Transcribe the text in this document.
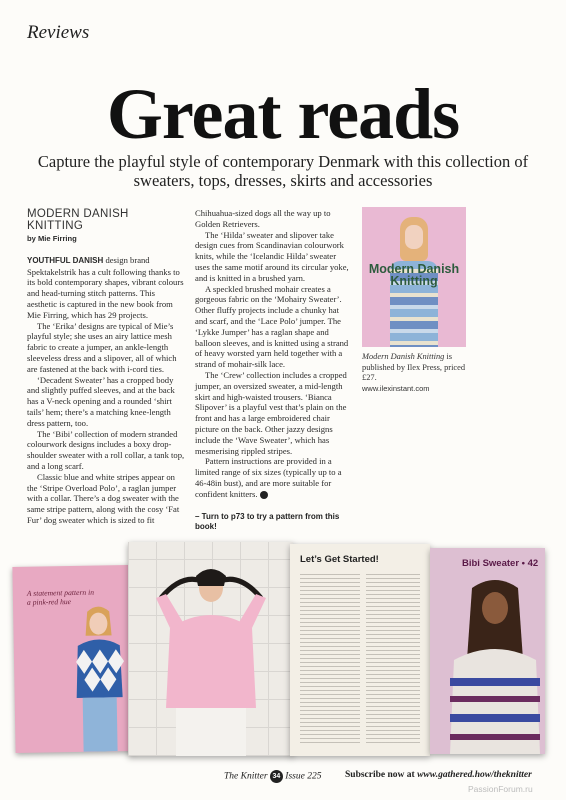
Reviews
Great reads
Capture the playful style of contemporary Denmark with this collection of sweaters, tops, dresses, skirts and accessories
MODERN DANISH
KNITTING
by Mie Firring

YOUTHFUL DANISH design brand Spektakelstrik has a cult following thanks to its bold contemporary shapes, vibrant colours and head-turning stitch patterns. This aesthetic is captured in the new book from Mie Firring, which has 29 projects.

The ‘Erika’ designs are typical of Mie’s playful style; she uses an airy lattice mesh fabric to create a jumper, an ankle-length sleeveless dress and a slipover, all of which are fastened at the back with i-cord ties.

‘Decadent Sweater’ has a cropped body and slightly puffed sleeves, and at the back has a V-neck opening and a rounded ‘shirt tails’ hem; there’s a matching knee-length dress pattern, too.

The ‘Bibi’ collection of modern stranded colourwork designs includes a boxy drop-shoulder sweater with a roll collar, a tank top, and a long scarf.

Classic blue and white stripes appear on the ‘Stripe Overload Polo’, a raglan jumper with a collar. There’s a dog sweater with the same stripe pattern, along with the cosy ‘Fat Fur’ dog sweater which is sized to fit

Chihuahua-sized dogs all the way up to Golden Retrievers.

The ‘Hilda’ sweater and slipover take design cues from Scandinavian colourwork knits, while the ‘Icelandic Hilda’ sweater uses the same motif around its circular yoke, and is knitted in a brushed yarn.

A speckled brushed mohair creates a gorgeous fabric on the ‘Mohairy Sweater’. Other fluffy projects include a chunky hat and scarf, and the ‘Lace Polo’ jumper. The ‘Lykke Jumper’ has a raglan shape and balloon sleeves, and is knitted using a strand of heavy worsted yarn held together with a strand of mohair-silk lace.

The ‘Crew’ collection includes a cropped jumper, an oversized sweater, a mid-length skirt and high-waisted trousers. ‘Bianca Slipover’ is a playful vest that’s plain on the front and has a large embroidered chair picture on the back. Other jazzy designs include the ‘Wave Sweater’, which has mesmerising rippled stripes.

Pattern instructions are provided in a limited range of six sizes (typically up to a 46-48in bust), and are more suitable for confident knitters.

– Turn to p73 to try a pattern from this book!
Modern Danish
Knitting
Modern Danish Knitting is published by Ilex Press, priced £27.
www.ilexinstant.com
A statement pattern in a pink-red hue
Let’s Get Started!	Bibi Sweater • 42
The Knitter 34 Issue 225 Subscribe now at www.gathered.how/theknitter
PassionForum.ru
